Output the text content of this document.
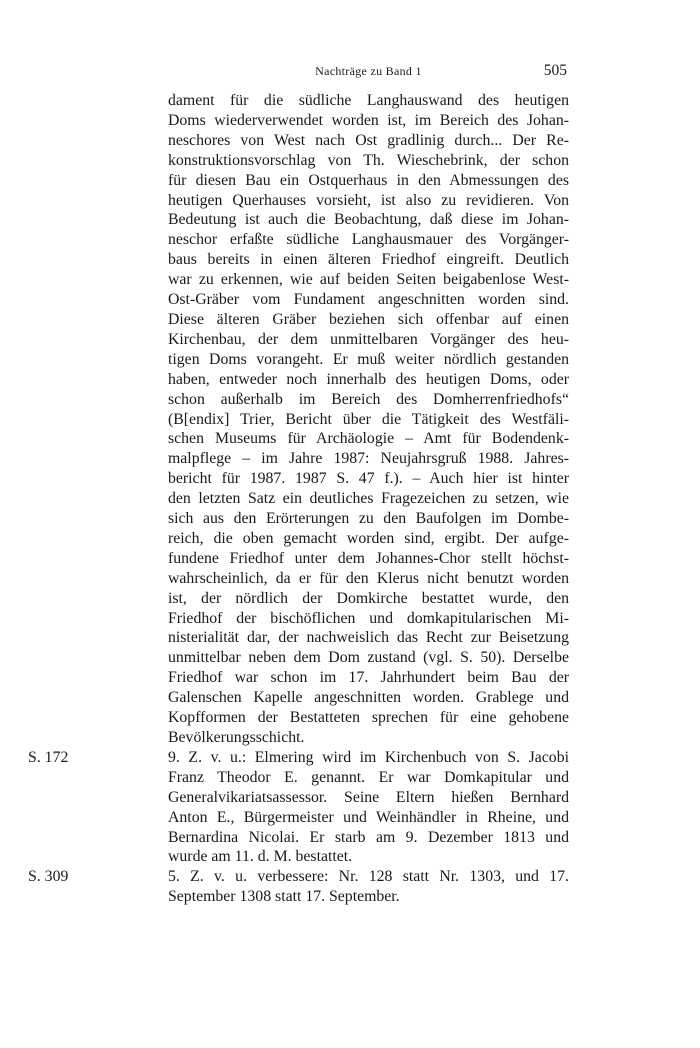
Nachträge zu Band 1	505
dament für die südliche Langhauswand des heutigen
Doms wiederverwendet worden ist, im Bereich des Johan-
neschores von West nach Ost gradlinig durch... Der Re-
konstruktionsvorschlag von Th. Wieschebrink, der schon
für diesen Bau ein Ostquerhaus in den Abmessungen des
heutigen Querhauses vorsieht, ist also zu revidieren. Von
Bedeutung ist auch die Beobachtung, daß diese im Johan-
neschor erfaßte südliche Langhausmauer des Vorgänger-
baus bereits in einen älteren Friedhof eingreift. Deutlich
war zu erkennen, wie auf beiden Seiten beigabenlose West-
Ost-Gräber vom Fundament angeschnitten worden sind.
Diese älteren Gräber beziehen sich offenbar auf einen
Kirchenbau, der dem unmittelbaren Vorgänger des heu-
tigen Doms vorangeht. Er muß weiter nördlich gestanden
haben, entweder noch innerhalb des heutigen Doms, oder
schon außerhalb im Bereich des Domherrenfriedhofs“
(B[endix] Trier, Bericht über die Tätigkeit des Westfäli-
schen Museums für Archäologie – Amt für Bodendenk-
malpflege – im Jahre 1987: Neujahrsgruß 1988. Jahres-
bericht für 1987. 1987 S. 47 f.). – Auch hier ist hinter
den letzten Satz ein deutliches Fragezeichen zu setzen, wie
sich aus den Erörterungen zu den Baufolgen im Dombe-
reich, die oben gemacht worden sind, ergibt. Der aufge-
fundene Friedhof unter dem Johannes-Chor stellt höchst-
wahrscheinlich, da er für den Klerus nicht benutzt worden
ist, der nördlich der Domkirche bestattet wurde, den
Friedhof der bischöflichen und domkapitularischen Mi-
nisterialität dar, der nachweislich das Recht zur Beisetzung
unmittelbar neben dem Dom zustand (vgl. S. 50). Derselbe
Friedhof war schon im 17. Jahrhundert beim Bau der
Galenschen Kapelle angeschnitten worden. Grablege und
Kopfformen der Bestatteten sprechen für eine gehobene
Bevölkerungsschicht.
S. 172	9. Z. v. u.: Elmering wird im Kirchenbuch von S. Jacobi
Franz Theodor E. genannt. Er war Domkapitular und
Generalvikariatsassessor. Seine Eltern hießen Bernhard
Anton E., Bürgermeister und Weinhändler in Rheine, und
Bernardina Nicolai. Er starb am 9. Dezember 1813 und
wurde am 11. d. M. bestattet.
S. 309	5. Z. v. u. verbessere: Nr. 128 statt Nr. 1303, und 17.
September 1308 statt 17. September.
